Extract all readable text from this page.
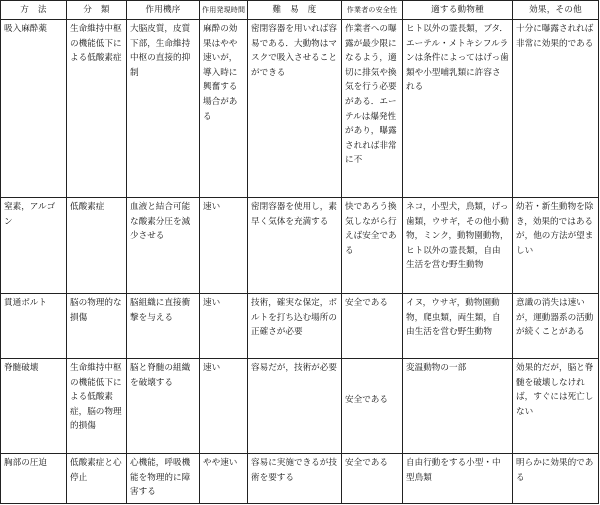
方　法	分　類	作用機序	作用発現時間	難　易　度	作業者の安全性	適する動物種	効果，その他
吸入麻酔薬	生命維持中枢の機能低下による低酸素症	大脳皮質，皮質下部，生命維持中枢の直接的抑制	麻酔の効果はやや速いが，導入時に興奮する場合がある	密閉容器を用いれば容易である．大動物はマスクで吸入させることができる	作業者への曝露が最少限になるよう，適切に排気や換気を行う必要がある．エーテルは爆発性があり，曝露されれば非常に不	ヒト以外の霊長類，ブタ．エーテル・メトキシフルランは条件によってはげっ歯類や小型哺乳類に許容される	十分に曝露されれば非常に効果的である
窒素，アルゴン	低酸素症	血液と結合可能な酸素分圧を減少させる	速い	密閉容器を使用し，素早く気体を充満する	快であろう換気しながら行えば安全である	ネコ，小型犬，鳥類，げっ歯類，ウサギ，その他小動物，ミンク，動物園動物，ヒト以外の霊長類，自由生活を営む野生動物	幼若・新生動物を除き，効果的ではあるが，他の方法が望ましい
貫通ボルト	脳の物理的な損傷	脳組織に直接衝撃を与える	速い	技術，確実な保定，ボルトを打ち込む場所の正確さが必要	安全である	イヌ，ウサギ，動物園動物，爬虫類，両生類，自由生活を営む野生動物	意識の消失は速いが，運動器系の活動が続くことがある
脊髄破壊	生命維持中枢の機能低下による低酸素症，脳の物理的損傷	脳と脊髄の組織を破壊する	速い	容易だが，技術が必要	安全である	変温動物の一部	効果的だが，脳と脊髄を破壊しなければ，すぐには死亡しない
胸部の圧迫	低酸素症と心停止	心機能，呼吸機能を物理的に障害する	やや速い	容易に実施できるが技術を要する	安全である	自由行動をする小型・中型鳥類	明らかに効果的である
